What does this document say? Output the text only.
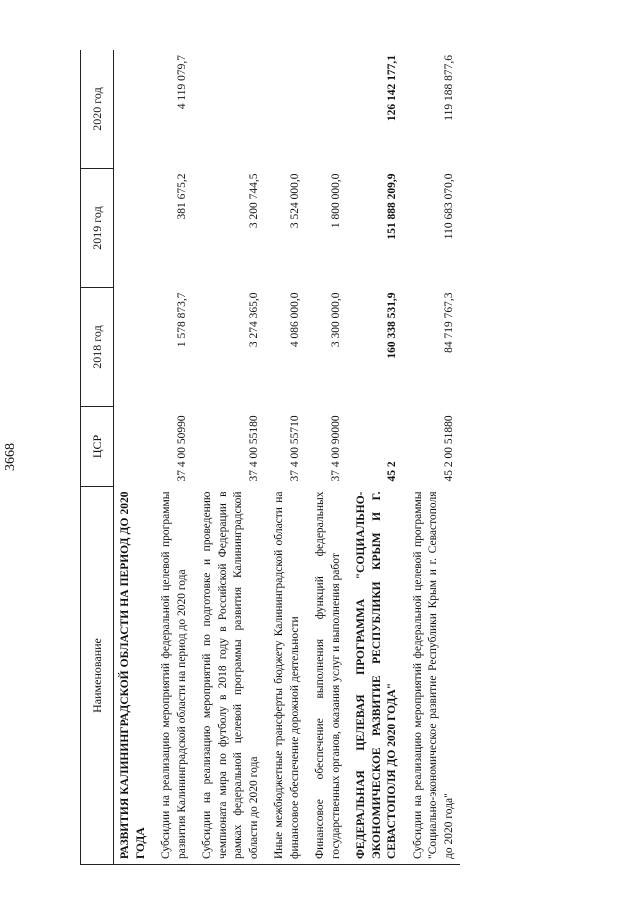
3668
Наименование	ЦСР	2018 год	2019 год	2020 год
РАЗВИТИЯ КАЛИНИНГРАДСКОЙ ОБЛАСТИ НА ПЕРИОД ДО 2020 ГОДА				
Субсидии на реализацию мероприятий федеральной целевой программы развития Калининградской области на период до 2020 года	37 4 00 50990	1 578 873,7	381 675,2	4 119 079,7
Субсидии на реализацию мероприятий по подготовке и проведению чемпионата мира по футболу в 2018 году в Российской Федерации в рамках федеральной целевой программы развития Калининградской области до 2020 года	37 4 00 55180	3 274 365,0	3 200 744,5	
Иные межбюджетные трансферты бюджету Калининградской области на финансовое обеспечение дорожной деятельности	37 4 00 55710	4 086 000,0	3 524 000,0	
Финансовое обеспечение выполнения функций федеральных государственных органов, оказания услуг и выполнения работ	37 4 00 90000	3 300 000,0	1 800 000,0	
ФЕДЕРАЛЬНАЯ ЦЕЛЕВАЯ ПРОГРАММА "СОЦИАЛЬНО-ЭКОНОМИЧЕСКОЕ РАЗВИТИЕ РЕСПУБЛИКИ КРЫМ И Г. СЕВАСТОПОЛЯ ДО 2020 ГОДА"	45 2	160 338 531,9	151 888 209,9	126 142 177,1
Субсидии на реализацию мероприятий федеральной целевой программы "Социально-экономическое развитие Республики Крым и г. Севастополя до 2020 года"	45 2 00 51880	84 719 767,3	110 683 070,0	119 188 877,6
